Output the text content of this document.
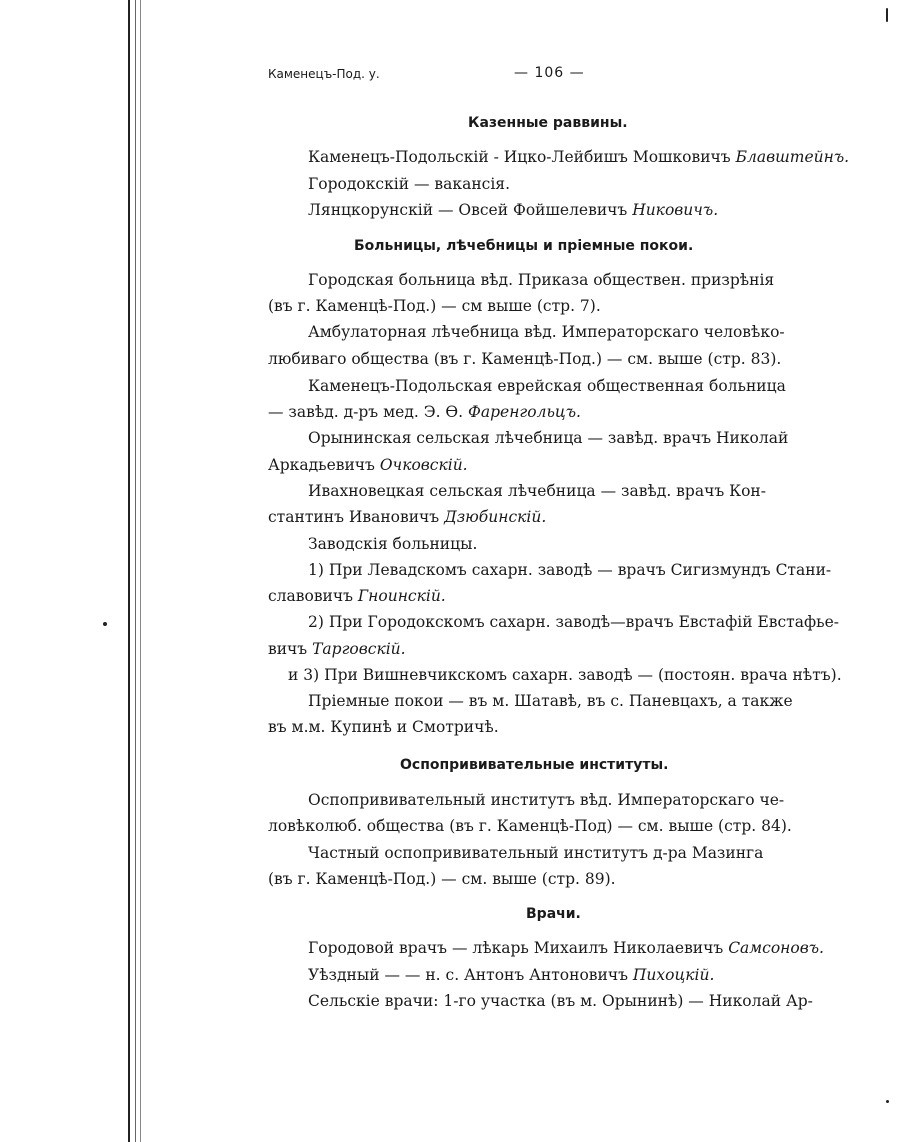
Каменецъ-Под. у.	— 106 —
Казенные раввины.
Каменецъ-Подольскій - Ицко-Лейбишъ Мошковичъ Блавштейнъ.
Городокскій — вакансія.
Лянцкорунскій — Овсей Фойшелевичъ Никовичъ.
Больницы, лѣчебницы и пріемные покои.
Городская больница вѣд. Приказа обществен. призрѣнія
(въ г. Каменцѣ-Под.) — см выше (стр. 7).
Амбулаторная лѣчебница вѣд. Императорскаго человѣко-
любиваго общества (въ г. Каменцѣ-Под.) — см. выше (стр. 83).
Каменецъ-Подольская еврейская общественная больница
— завѣд. д-ръ мед. Э. Ѳ. Фаренгольцъ.
Орынинская сельская лѣчебница — завѣд. врачъ Николай
Аркадьевичъ Очковскій.
Ивахновецкая сельская лѣчебница — завѣд. врачъ Кон-
стантинъ Ивановичъ Дзюбинскій.
Заводскія больницы.
1) При Левадскомъ сахарн. заводѣ — врачъ Сигизмундъ Стани-
славовичъ Гноинскій.
2) При Городокскомъ сахарн. заводѣ—врачъ Евстафій Евстафье-
вичъ Тарговскій.
и 3) При Вишневчикскомъ сахарн. заводѣ — (постоян. врача нѣтъ).
Пріемные покои — въ м. Шатавѣ, въ с. Паневцахъ, а также
въ м.м. Купинѣ и Смотричѣ.
Оспопрививательные институты.
Оспопрививательный институтъ вѣд. Императорскаго че-
ловѣколюб. общества (въ г. Каменцѣ-Под) — см. выше (стр. 84).
Частный оспопрививательный институтъ д-ра Мазинга
(въ г. Каменцѣ-Под.) — см. выше (стр. 89).
Врачи.
Городовой врачъ — лѣкарь Михаилъ Николаевичъ Самсоновъ.
Уѣздный — — н. с. Антонъ Антоновичъ Пихоцкій.
Сельскіе врачи: 1-го участка (въ м. Орынинѣ) — Николай Ар-
